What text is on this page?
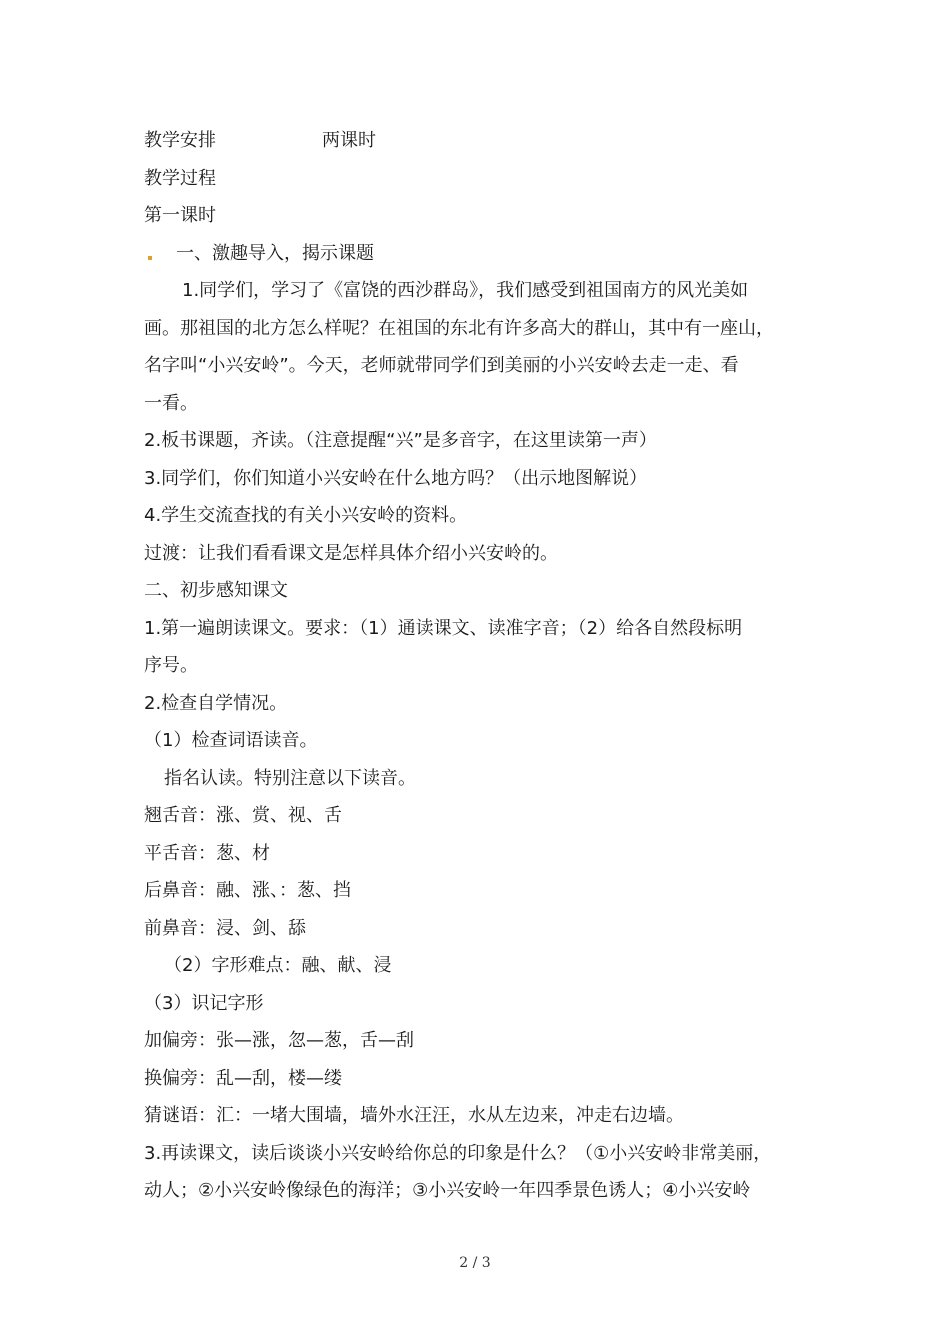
教学安排	两课时
教学过程
第一课时
一、激趣导入，揭示课题
1.同学们，学习了《富饶的西沙群岛》，我们感受到祖国南方的风光美如
画。那祖国的北方怎么样呢？在祖国的东北有许多高大的群山，其中有一座山，
名字叫“小兴安岭”。今天，老师就带同学们到美丽的小兴安岭去走一走、看
一看。
2.板书课题，齐读。（注意提醒“兴”是多音字，在这里读第一声）
3.同学们，你们知道小兴安岭在什么地方吗？（出示地图解说）
4.学生交流查找的有关小兴安岭的资料。
过渡：让我们看看课文是怎样具体介绍小兴安岭的。
二、初步感知课文
1.第一遍朗读课文。要求：（1）通读课文、读准字音；（2）给各自然段标明
序号。
2.检查自学情况。
（1）检查词语读音。
指名认读。特别注意以下读音。
翘舌音：涨、赏、视、舌
平舌音：葱、材
后鼻音：融、涨、：葱、挡
前鼻音：浸、剑、舔
（2）字形难点：融、献、浸
（3）识记字形
加偏旁：张—涨，忽—葱，舌—刮
换偏旁：乱—刮，楼—缕
猜谜语：汇：一堵大围墙，墙外水汪汪，水从左边来，冲走右边墙。
3.再读课文，读后谈谈小兴安岭给你总的印象是什么？（①小兴安岭非常美丽，
动人；②小兴安岭像绿色的海洋；③小兴安岭一年四季景色诱人；④小兴安岭
2 / 3
